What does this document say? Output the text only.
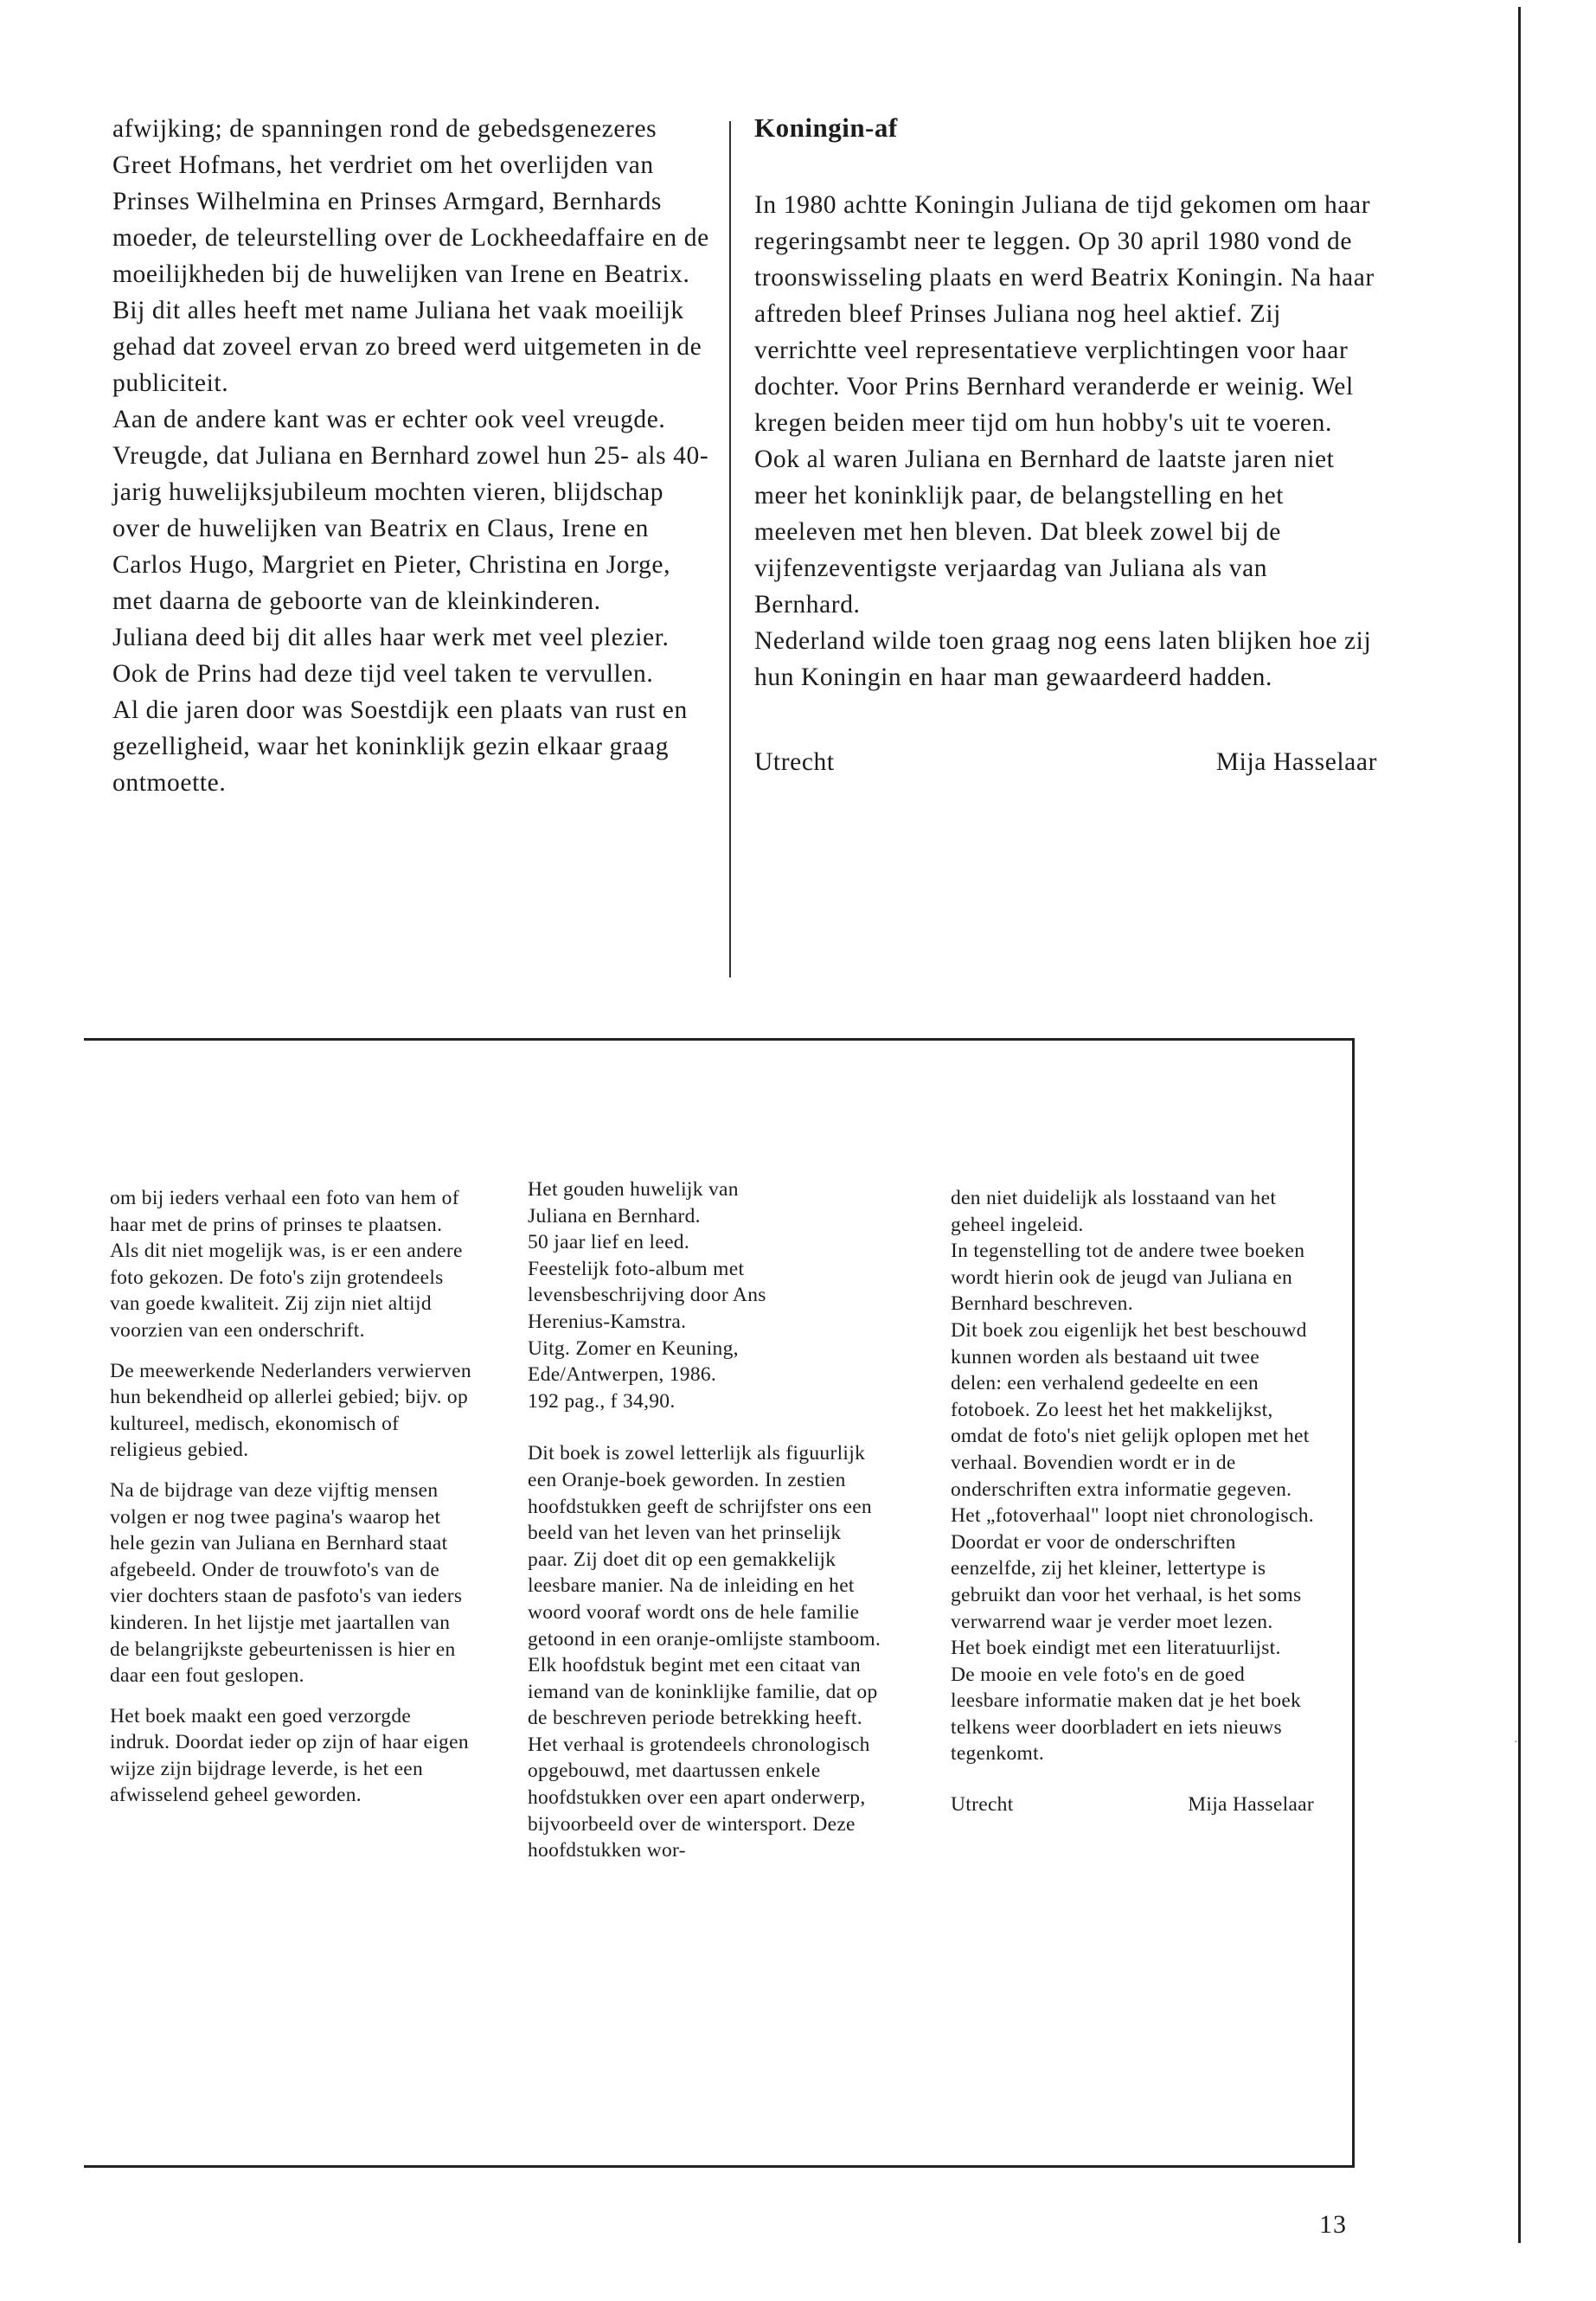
afwijking; de spanningen rond de gebedsgenezeres Greet Hofmans, het verdriet om het overlijden van Prinses Wilhelmina en Prinses Armgard, Bernhards moeder, de teleurstelling over de Lockheedaffaire en de moeilijkheden bij de huwelijken van Irene en Beatrix. Bij dit alles heeft met name Juliana het vaak moeilijk gehad dat zoveel ervan zo breed werd uitgemeten in de publiciteit.

Aan de andere kant was er echter ook veel vreugde. Vreugde, dat Juliana en Bernhard zowel hun 25- als 40-jarig huwelijksjubileum mochten vieren, blijdschap over de huwelijken van Beatrix en Claus, Irene en Carlos Hugo, Margriet en Pieter, Christina en Jorge, met daarna de geboorte van de kleinkinderen.

Juliana deed bij dit alles haar werk met veel plezier. Ook de Prins had deze tijd veel taken te vervullen.

Al die jaren door was Soestdijk een plaats van rust en gezelligheid, waar het koninklijk gezin elkaar graag ontmoette.

Koningin-af

In 1980 achtte Koningin Juliana de tijd gekomen om haar regeringsambt neer te leggen. Op 30 april 1980 vond de troonswisseling plaats en werd Beatrix Koningin. Na haar aftreden bleef Prinses Juliana nog heel aktief. Zij verrichtte veel representatieve verplichtingen voor haar dochter. Voor Prins Bernhard veranderde er weinig. Wel kregen beiden meer tijd om hun hobby's uit te voeren.

Ook al waren Juliana en Bernhard de laatste jaren niet meer het koninklijk paar, de belangstelling en het meeleven met hen bleven. Dat bleek zowel bij de vijfenzeventigste verjaardag van Juliana als van Bernhard.

Nederland wilde toen graag nog eens laten blijken hoe zij hun Koningin en haar man gewaardeerd hadden.

Utrecht	Mija Hasselaar

om bij ieders verhaal een foto van hem of haar met de prins of prinses te plaatsen. Als dit niet mogelijk was, is er een andere foto gekozen. De foto's zijn grotendeels van goede kwaliteit. Zij zijn niet altijd voorzien van een onderschrift.

De meewerkende Nederlanders verwierven hun bekendheid op allerlei gebied; bijv. op kultureel, medisch, ekonomisch of religieus gebied.

Na de bijdrage van deze vijftig mensen volgen er nog twee pagina's waarop het hele gezin van Juliana en Bernhard staat afgebeeld. Onder de trouwfoto's van de vier dochters staan de pasfoto's van ieders kinderen. In het lijstje met jaartallen van de belangrijkste gebeurtenissen is hier en daar een fout geslopen.

Het boek maakt een goed verzorgde indruk. Doordat ieder op zijn of haar eigen wijze zijn bijdrage leverde, is het een afwisselend geheel geworden.

Het gouden huwelijk van
Juliana en Bernhard.
50 jaar lief en leed.
Feestelijk foto-album met
levensbeschrijving door Ans
Herenius-Kamstra.
Uitg. Zomer en Keuning,
Ede/Antwerpen, 1986.
192 pag., f 34,90.

Dit boek is zowel letterlijk als figuurlijk een Oranje-boek geworden. In zestien hoofdstukken geeft de schrijfster ons een beeld van het leven van het prinselijk paar. Zij doet dit op een gemakkelijk leesbare manier. Na de inleiding en het woord vooraf wordt ons de hele familie getoond in een oranje-omlijste stamboom.

Elk hoofdstuk begint met een citaat van iemand van de koninklijke familie, dat op de beschreven periode betrekking heeft.

Het verhaal is grotendeels chronologisch opgebouwd, met daartussen enkele hoofdstukken over een apart onderwerp, bijvoorbeeld over de wintersport. Deze hoofdstukken wor-

den niet duidelijk als losstaand van het geheel ingeleid.

In tegenstelling tot de andere twee boeken wordt hierin ook de jeugd van Juliana en Bernhard beschreven.

Dit boek zou eigenlijk het best beschouwd kunnen worden als bestaand uit twee delen: een verhalend gedeelte en een fotoboek. Zo leest het het makkelijkst, omdat de foto's niet gelijk oplopen met het verhaal. Bovendien wordt er in de onderschriften extra informatie gegeven. Het „fotoverhaal" loopt niet chronologisch. Doordat er voor de onderschriften eenzelfde, zij het kleiner, lettertype is gebruikt dan voor het verhaal, is het soms verwarrend waar je verder moet lezen.

Het boek eindigt met een literatuurlijst.

De mooie en vele foto's en de goed leesbare informatie maken dat je het boek telkens weer doorbladert en iets nieuws tegenkomt.

Utrecht	Mija Hasselaar
·
13
